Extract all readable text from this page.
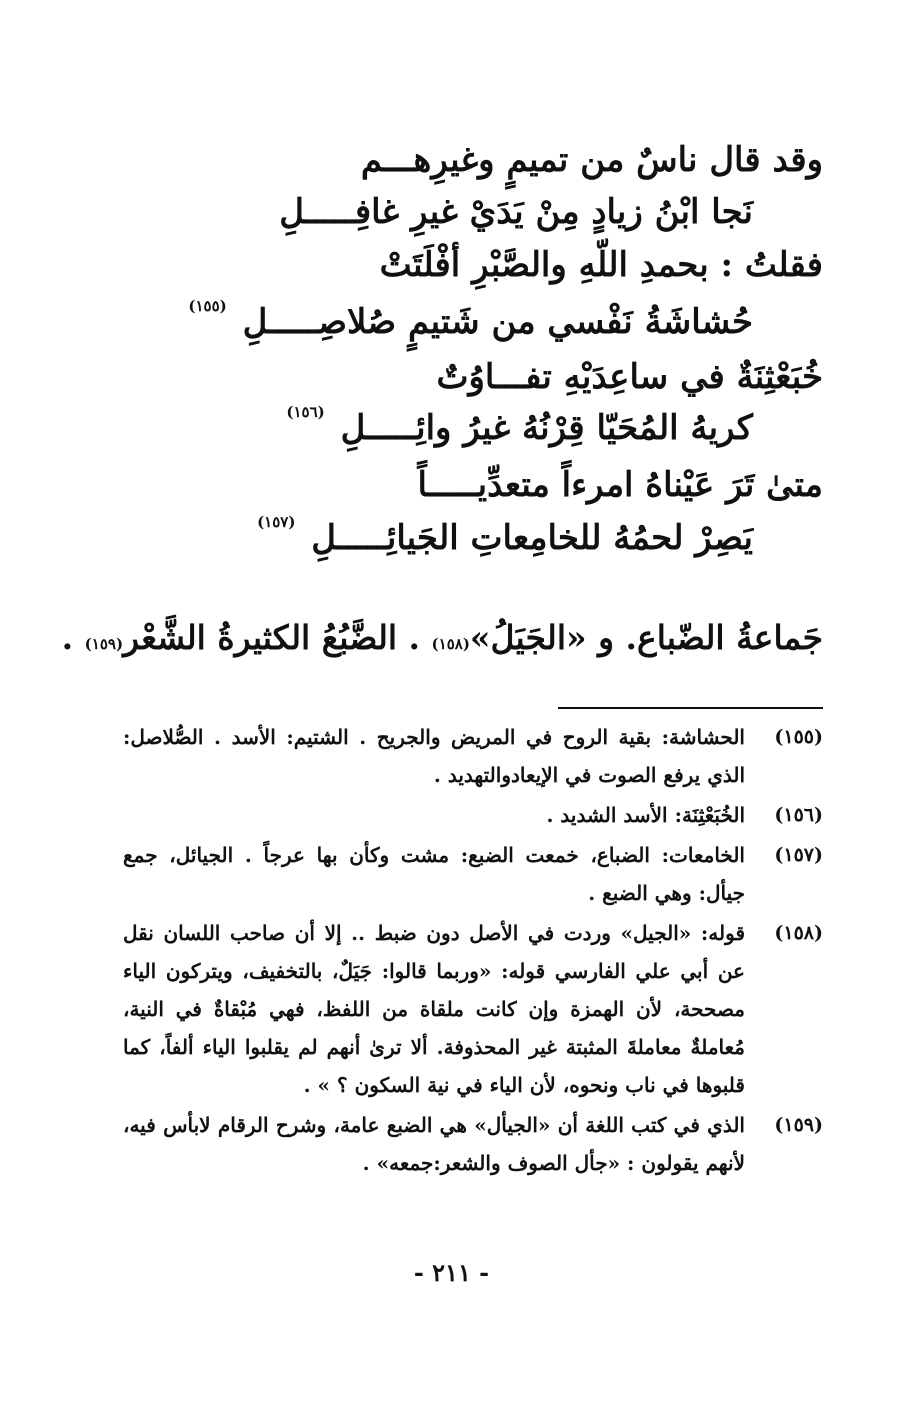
وقد قال ناسٌ من تميمٍ وغيرِهـــم
نَجا ابْنُ زيادٍ مِنْ يَدَيْ غيرِ غافِـــــلِ
فقلتُ : بحمدِ اللّهِ والصَّبْرِ أفْلَتَتْ
حُشاشَةُ نَفْسي من شَتيمٍ صُلاصِـــــلِ $^{(١٥٥)}$
خُبَعْثِنَةٌ في ساعِدَيْهِ تفـــاوُتٌ
كريهُ المُحَيّا قِرْنُهُ غيرُ وائِـــــلِ $^{(١٥٦)}$
متىٰ تَرَ عَيْناهُ امرءاً متعدِّيـــــاً
يَصِرْ لحمُهُ للخامِعاتِ الجَيائِـــــلِ $^{(١٥٧)}$
جَماعةُ الضّباع. و «الجَيَلُ»(١٥٨) . الضَّبُعُ الكثيرةُ الشَّعْر(١٥٩) .
(١٥٥)
الحشاشة: بقية الروح في المريض والجريح . الشتيم: الأسد . الصُّلاصل: الذي يرفع الصوت في الإيعادوالتهديد .
(١٥٦)
الخُبَعْثِنَة: الأسد الشديد .
(١٥٧)
الخامعات: الضباع، خمعت الضبع: مشت وكأن بها عرجاً . الجيائل، جمع جيأل: وهي الضبع .
(١٥٨)
قوله: «الجيل» وردت في الأصل دون ضبط .. إلا أن صاحب اللسان نقل عن أبي علي الفارسي قوله: «وربما قالوا: جَيَلٌ، بالتخفيف، ويتركون الياء مصححة، لأن الهمزة وإن كانت ملقاة من اللفظ، فهي مُبْقاةٌ في النية، مُعاملةٌ معاملةَ المثبتة غير المحذوفة. ألا ترىٰ أنهم لم يقلبوا الياء ألفاً، كما قلبوها في ناب ونحوه، لأن الياء في نية السكون ؟ » .
(١٥٩)
الذي في كتب اللغة أن «الجيأل» هي الضبع عامة، وشرح الرقام لابأس فيه، لأنهم يقولون : «جأل الصوف والشعر:جمعه» .
- ٢١١ -
